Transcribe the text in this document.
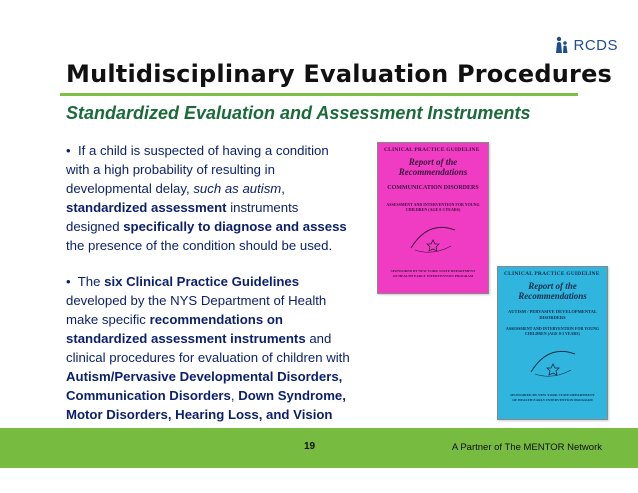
RCDS
Multidisciplinary Evaluation Procedures
Standardized Evaluation and Assessment Instruments

• If a child is suspected of having a condition with a high probability of resulting in developmental delay, such as autism, standardized assessment instruments designed specifically to diagnose and assess the presence of the condition should be used.

• The six Clinical Practice Guidelines developed by the NYS Department of Health make specific recommendations on standardized assessment instruments and clinical procedures for evaluation of children with Autism/Pervasive Developmental Disorders, Communication Disorders, Down Syndrome, Motor Disorders, Hearing Loss, and Vision

CLINICAL PRACTICE GUIDELINE
Report of the
Recommendations
COMMUNICATION DISORDERS
ASSESSMENT AND INTERVENTION FOR YOUNG CHILDREN (AGE 0-3 YEARS)
SPONSORED BY NEW YORK STATE DEPARTMENT OF HEALTH EARLY INTERVENTION PROGRAM	CLINICAL PRACTICE GUIDELINE
Report of the
Recommendations
AUTISM / PERVASIVE DEVELOPMENTAL DISORDERS
ASSESSMENT AND INTERVENTION FOR YOUNG CHILDREN (AGE 0-3 YEARS)
SPONSORED BY NEW YORK STATE DEPARTMENT OF HEALTH EARLY INTERVENTION PROGRAM
19	A Partner of The MENTOR Network
